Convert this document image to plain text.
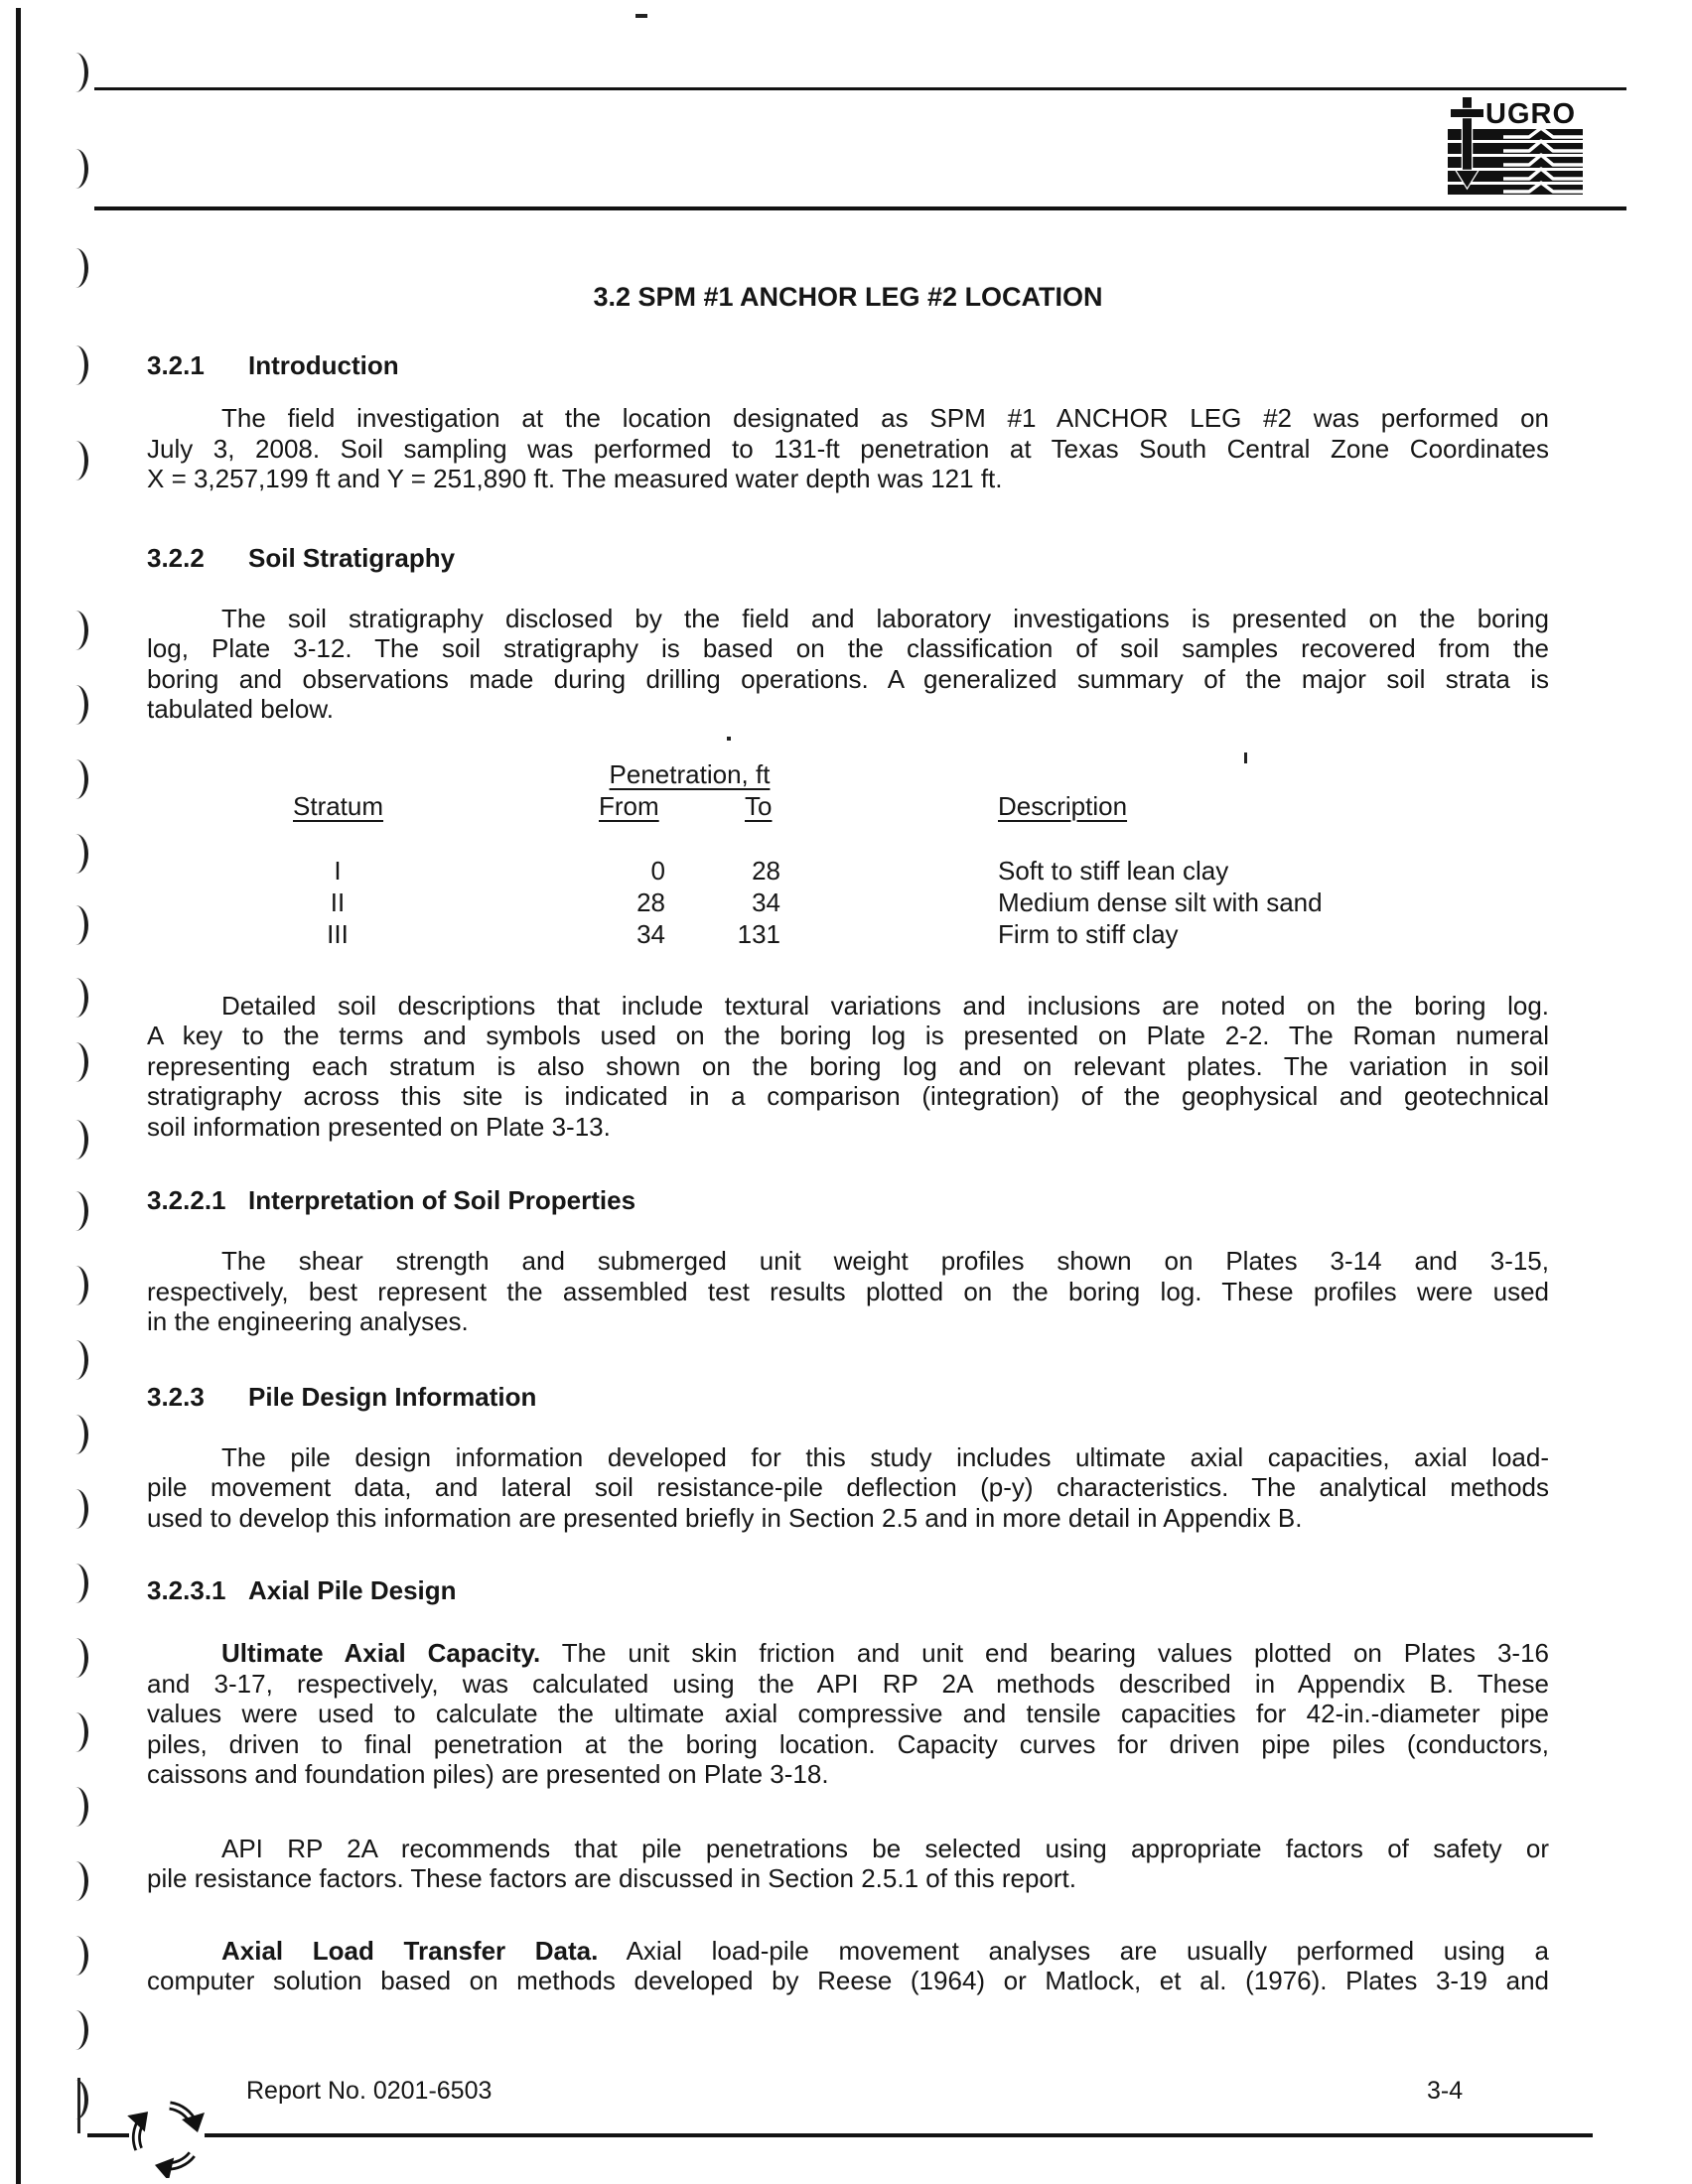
UGRO
3.2 SPM #1 ANCHOR LEG #2 LOCATION

3.2.1 Introduction

The field investigation at the location designated as SPM #1 ANCHOR LEG #2 was performed on
July 3, 2008. Soil sampling was performed to 131-ft penetration at Texas South Central Zone Coordinates
X = 3,257,199 ft and Y = 251,890 ft. The measured water depth was 121 ft.

3.2.2 Soil Stratigraphy

The soil stratigraphy disclosed by the field and laboratory investigations is presented on the boring
log, Plate 3-12. The soil stratigraphy is based on the classification of soil samples recovered from the
boring and observations made during drilling operations. A generalized summary of the major soil strata is
tabulated below.
Penetration, ft
Stratum	From	To	Description
I	0	28	Soft to stiff lean clay
II	28	34	Medium dense silt with sand
III	34	131	Firm to stiff clay
Detailed soil descriptions that include textural variations and inclusions are noted on the boring log.
A key to the terms and symbols used on the boring log is presented on Plate 2-2. The Roman numeral
representing each stratum is also shown on the boring log and on relevant plates. The variation in soil
stratigraphy across this site is indicated in a comparison (integration) of the geophysical and geotechnical
soil information presented on Plate 3-13.

3.2.2.1 Interpretation of Soil Properties

The shear strength and submerged unit weight profiles shown on Plates 3-14 and 3-15,
respectively, best represent the assembled test results plotted on the boring log. These profiles were used
in the engineering analyses.

3.2.3 Pile Design Information

The pile design information developed for this study includes ultimate axial capacities, axial load-
pile movement data, and lateral soil resistance-pile deflection (p-y) characteristics. The analytical methods
used to develop this information are presented briefly in Section 2.5 and in more detail in Appendix B.

3.2.3.1 Axial Pile Design

Ultimate Axial Capacity. The unit skin friction and unit end bearing values plotted on Plates 3-16
and 3-17, respectively, was calculated using the API RP 2A methods described in Appendix B. These
values were used to calculate the ultimate axial compressive and tensile capacities for 42-in.-diameter pipe
piles, driven to final penetration at the boring location. Capacity curves for driven pipe piles (conductors,
caissons and foundation piles) are presented on Plate 3-18.
API RP 2A recommends that pile penetrations be selected using appropriate factors of safety or
pile resistance factors. These factors are discussed in Section 2.5.1 of this report.
Axial Load Transfer Data. Axial load-pile movement analyses are usually performed using a
computer solution based on methods developed by Reese (1964) or Matlock, et al. (1976). Plates 3-19 and
Report No. 0201-6503	3-4
